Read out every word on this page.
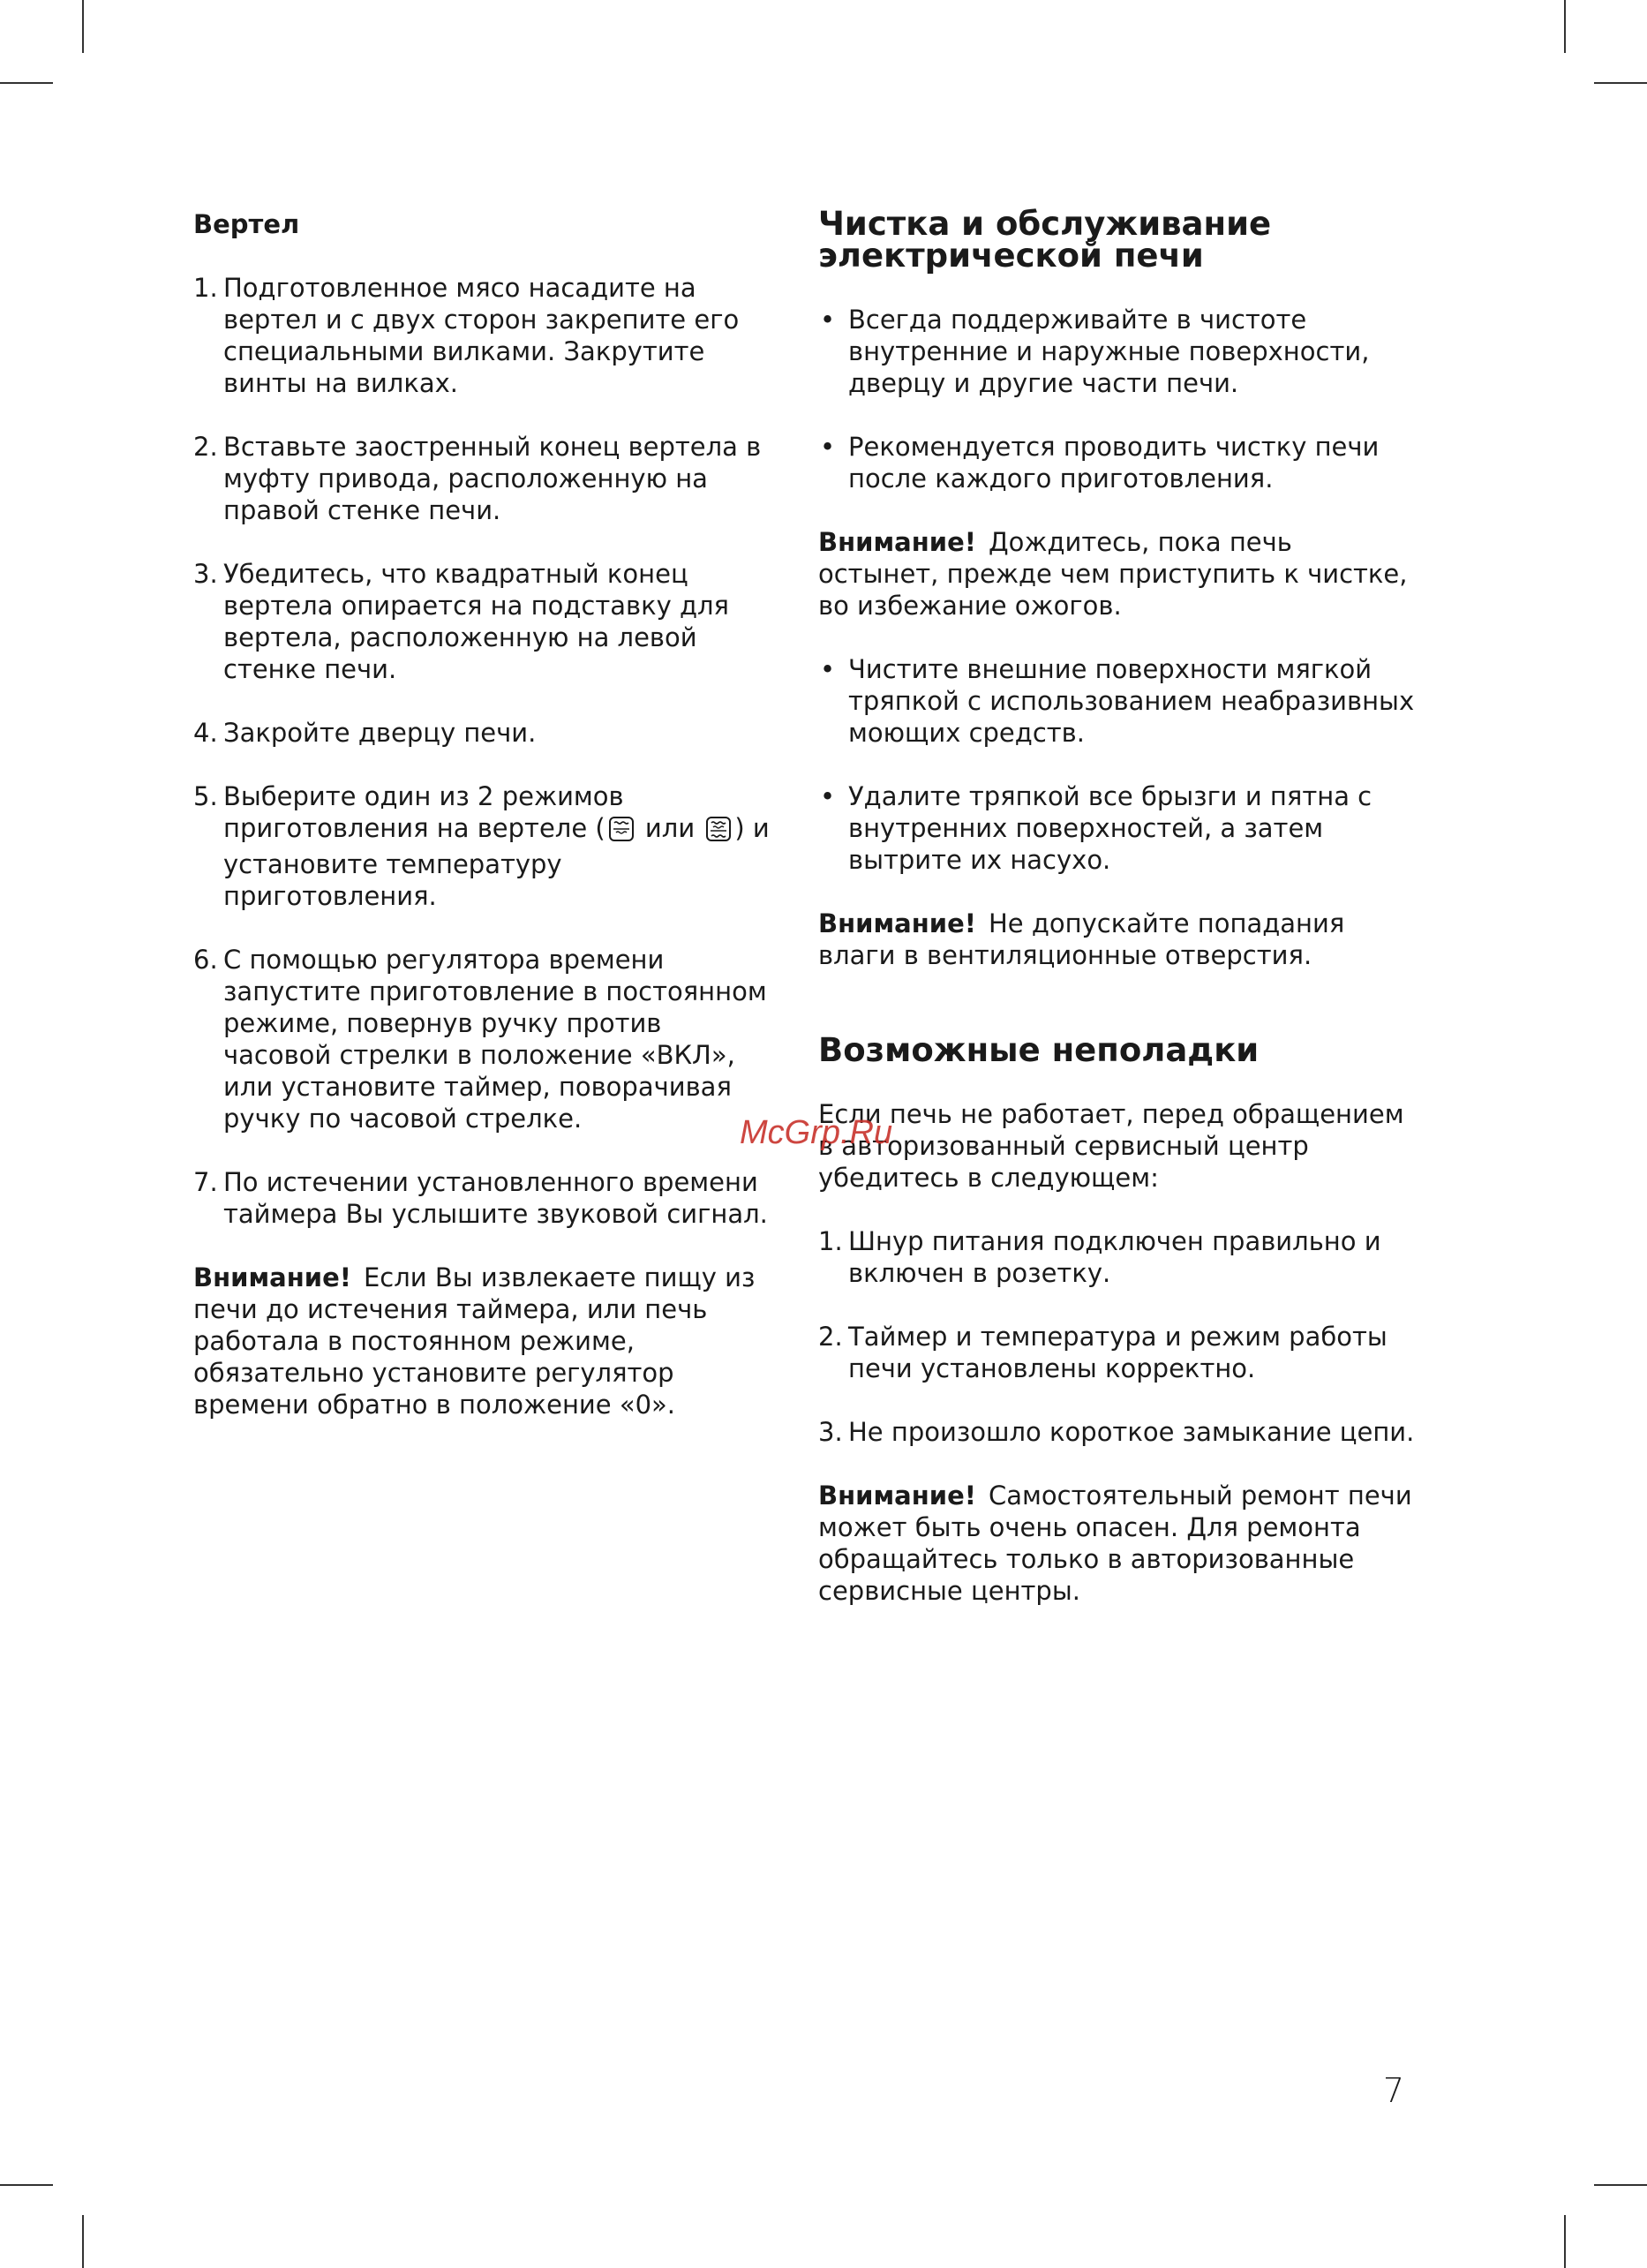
Вертел
1. Подготовленное мясо насадите на вертел и с двух сторон закрепите его специальными вилками. Закрутите винты на вилках.
2. Вставьте заостренный конец вертела в муфту привода, расположенную на правой стенке печи.
3. Убедитесь, что квадратный конец вертела опирается на подставку для вертела, расположенную на левой стенке печи.
4. Закройте дверцу печи.
5. Выберите один из 2 режимов приготовления на вертеле ( или ) и установите температуру приготовления.
6. С помощью регулятора времени запустите приготовление в постоянном режиме, повернув ручку против часовой стрелки в положение «ВКЛ», или установите таймер, поворачивая ручку по часовой стрелке.
7. По истечении установленного времени таймера Вы услышите звуковой сигнал.
Внимание! Если Вы извлекаете пищу из печи до истечения таймера, или печь работала в постоянном режиме, обязательно установите регулятор времени обратно в положение «0».
Чистка и обслуживание
электрической печи
• Всегда поддерживайте в чистоте внутренние и наружные поверхности, дверцу и другие части печи.
• Рекомендуется проводить чистку печи после каждого приготовления.
Внимание! Дождитесь, пока печь остынет, прежде чем приступить к чистке, во избежание ожогов.
• Чистите внешние поверхности мягкой тряпкой с использованием неабразивных моющих средств.
• Удалите тряпкой все брызги и пятна с внутренних поверхностей, а затем вытрите их насухо.
Внимание! Не допускайте попадания влаги в вентиляционные отверстия.
Возможные неполадки
Если печь не работает, перед обращением в авторизованный сервисный центр убедитесь в следующем:
1. Шнур питания подключен правильно и включен в розетку.
2. Таймер и температура и режим работы печи установлены корректно.
3. Не произошло короткое замыкание цепи.
Внимание! Самостоятельный ремонт печи может быть очень опасен. Для ремонта обращайтесь только в авторизованные сервисные центры.
McGrp.Ru
7
